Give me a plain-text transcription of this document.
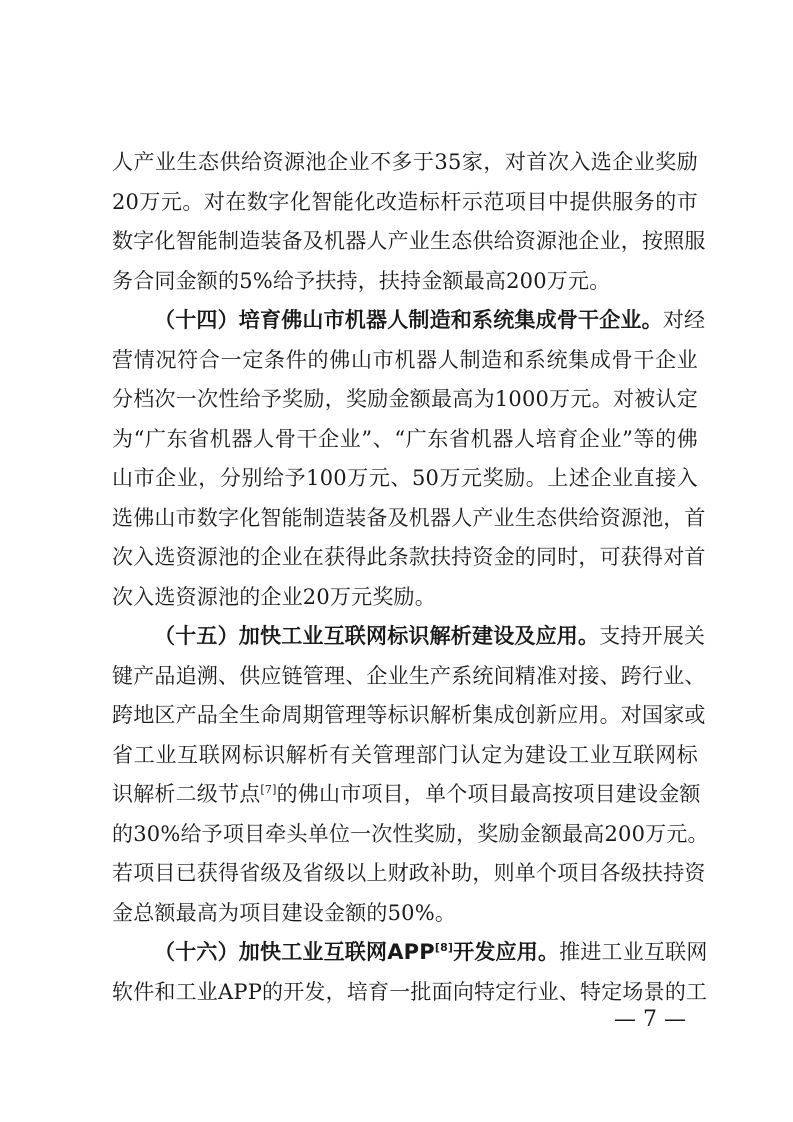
人产业生态供给资源池企业不多于35家，对首次入选企业奖励
20万元。对在数字化智能化改造标杆示范项目中提供服务的市
数字化智能制造装备及机器人产业生态供给资源池企业，按照服
务合同金额的5%给予扶持，扶持金额最高200万元。
（十四）培育佛山市机器人制造和系统集成骨干企业。对经
营情况符合一定条件的佛山市机器人制造和系统集成骨干企业
分档次一次性给予奖励，奖励金额最高为1000万元。对被认定
为“广东省机器人骨干企业”、“广东省机器人培育企业”等的佛
山市企业，分别给予100万元、50万元奖励。上述企业直接入
选佛山市数字化智能制造装备及机器人产业生态供给资源池，首
次入选资源池的企业在获得此条款扶持资金的同时，可获得对首
次入选资源池的企业20万元奖励。
（十五）加快工业互联网标识解析建设及应用。支持开展关
键产品追溯、供应链管理、企业生产系统间精准对接、跨行业、
跨地区产品全生命周期管理等标识解析集成创新应用。对国家或
省工业互联网标识解析有关管理部门认定为建设工业互联网标
识解析二级节点[7]的佛山市项目，单个项目最高按项目建设金额
的30%给予项目牵头单位一次性奖励，奖励金额最高200万元。
若项目已获得省级及省级以上财政补助，则单个项目各级扶持资
金总额最高为项目建设金额的50%。
（十六）加快工业互联网APP[8]开发应用。推进工业互联网
软件和工业APP的开发，培育一批面向特定行业、特定场景的工
— 7 —
